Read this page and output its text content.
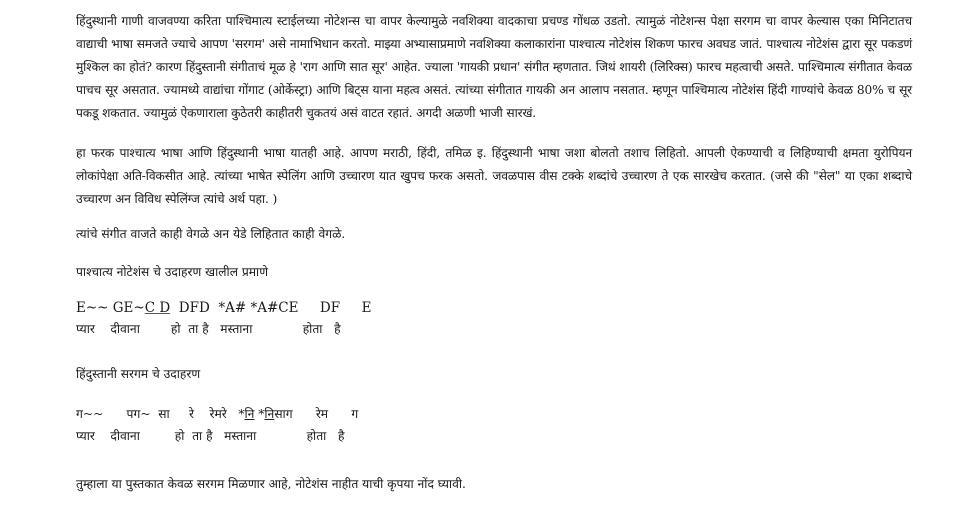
हिंदुस्थानी गाणी वाजवण्या करिता पाश्चिमात्य स्टाईलच्या नोटेशन्स चा वापर केल्यामुळे नवशिक्या वादकाचा प्रचण्ड गोंधळ उडतो. त्यामुळं नोटेशन्स पेक्षा सरगम चा वापर केल्यास एका मिनिटातच वाद्याची भाषा समजते ज्याचे आपण 'सरगम' असे नामाभिधान करतो. माझ्या अभ्यासाप्रमाणे नवशिक्या कलाकारांना पाश्चात्य नोटेशंस शिकण फारच अवघड जातं. पाश्चात्य नोटेशंस द्वारा सूर पकडणं मुश्किल का होतं? कारण हिंदुस्तानी संगीताचं मूळ हे 'राग आणि सात सूर' आहेत. ज्याला 'गायकी प्रधान' संगीत म्हणतात. जिथं शायरी (लिरिक्स) फारच महत्वाची असते. पाश्चिमात्य संगीतात केवळ पाचच सूर असतात. ज्यामध्ये वाद्यांचा गोंगाट (ओर्केस्ट्रा) आणि बिट्स याना महत्व असतं. त्यांच्या संगीतात गायकी अन आलाप नसतात. म्हणून पाश्चिमात्य नोटेशंस हिंदी गाण्यांचे केवळ 80% च सूर पकडू शकतात. ज्यामुळं ऐकणाराला कुठेतरी काहीतरी चुकतयं असं वाटत रहातं. अगदी अळणी भाजी सारखं.

हा फरक पाश्चात्य भाषा आणि हिंदुस्थानी भाषा यातही आहे. आपण मराठी, हिंदी, तमिळ इ. हिंदुस्थानी भाषा जशा बोलतो तशाच लिहितो. आपली ऐकण्याची व लिहिण्याची क्षमता युरोपियन लोकांपेक्षा अति-विकसीत आहे. त्यांच्या भाषेत स्पेलिंग आणि उच्चारण यात खुपच फरक असतो. जवळपास वीस टक्के शब्दांचे उच्चारण ते एक सारखेच करतात. (जसे की "सेल" या एका शब्दाचे उच्चारण अन विविध स्पेलिंग्ज त्यांचे अर्थ पहा. )

त्यांचे संगीत वाजते काही वेगळे अन येडे लिहितात काही वेगळे.

पाश्चात्य नोटेशंस चे उदाहरण खालील प्रमाणे

E~~ GE~C D  DFD  *A# *A#CE     DF     E
प्यार    दीवाना        हो  ता है   मस्ताना             होता   है

हिंदुस्तानी सरगम चे उदाहरण

ग~~      पग~  सा     रे    रेमरे   *नि *निसाग      रेम      ग
प्यार    दीवाना         हो  ता है   मस्ताना             होता   है

तुम्हाला या पुस्तकात केवळ सरगम मिळणार आहे, नोटेशंस नाहीत याची कृपया नोंद घ्यावी.
